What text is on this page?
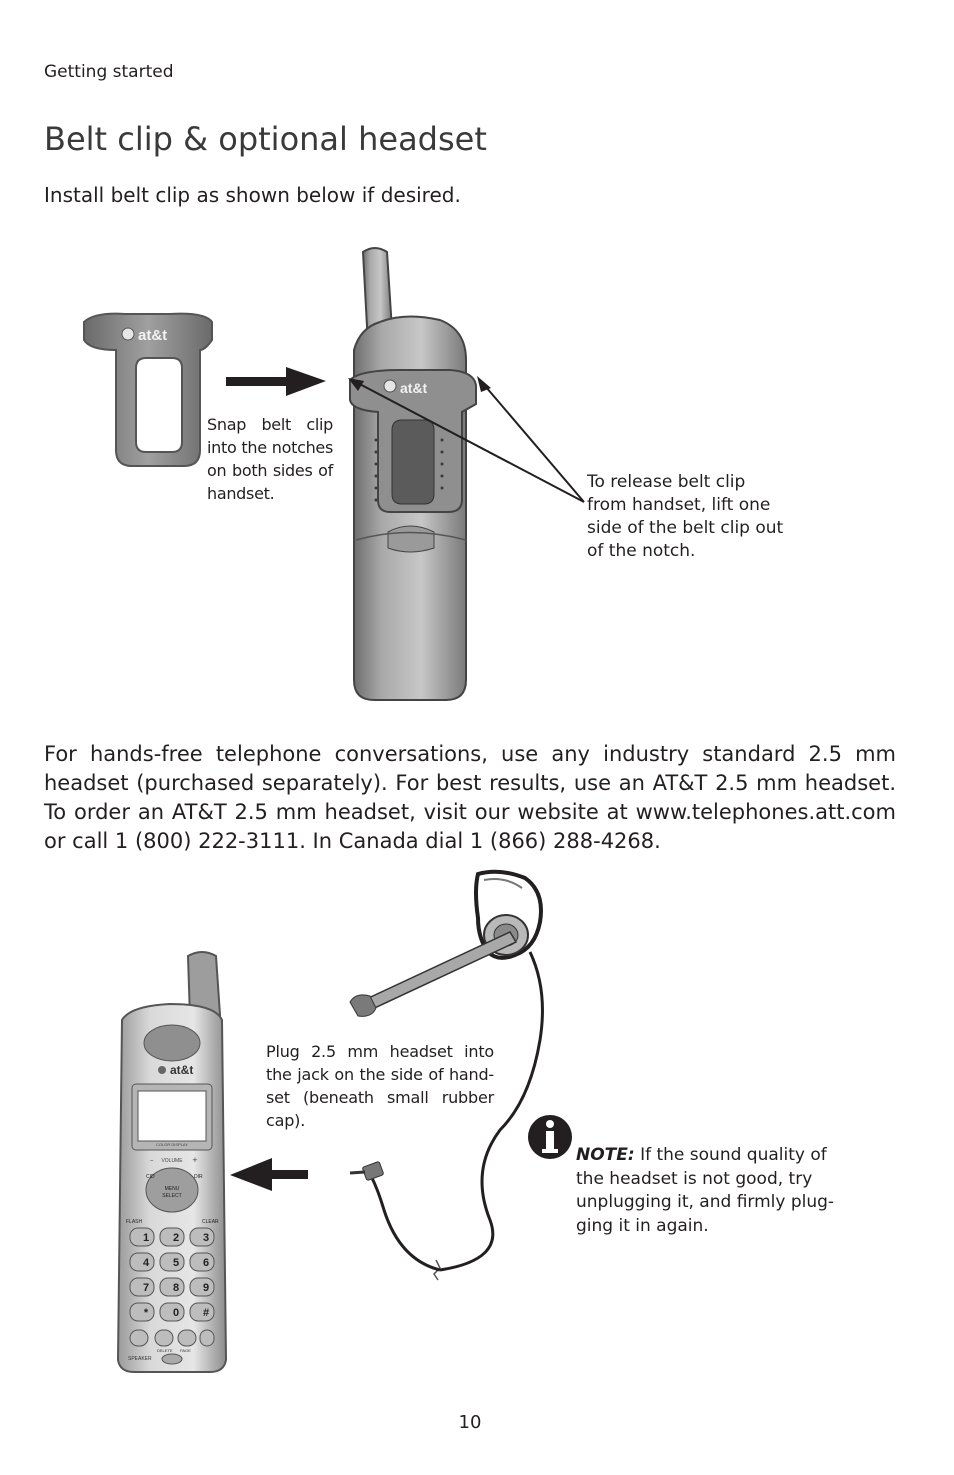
Getting started
Belt clip & optional headset
Install belt clip as shown below if desired.
at&t
at&t
Snap belt clip into the notches on both sides of handset.
To release belt clip from handset, lift one side of the belt clip out of the notch.
For hands-free telephone conversations, use any industry standard 2.5 mm headset (purchased separately). For best results, use an AT&T 2.5 mm headset. To order an AT&T 2.5 mm headset, visit our website at www.telephones.att.com or call 1 (800) 222-3111. In Canada dial 1 (866) 288-4268.
at&t
COLOR DISPLAY
VOLUME
–	+
MENU
SELECT
CID	DIR
FLASH	CLEAR
1 2 3
4 5 6
7 8 9
* 0 #
DELETE PAGE
SPEAKER
Plug 2.5 mm headset into the jack on the side of hand-set (beneath small rubber cap).
NOTE: If the sound quality of the headset is not good, try unplugging it, and firmly plug-ging it in again.
10
